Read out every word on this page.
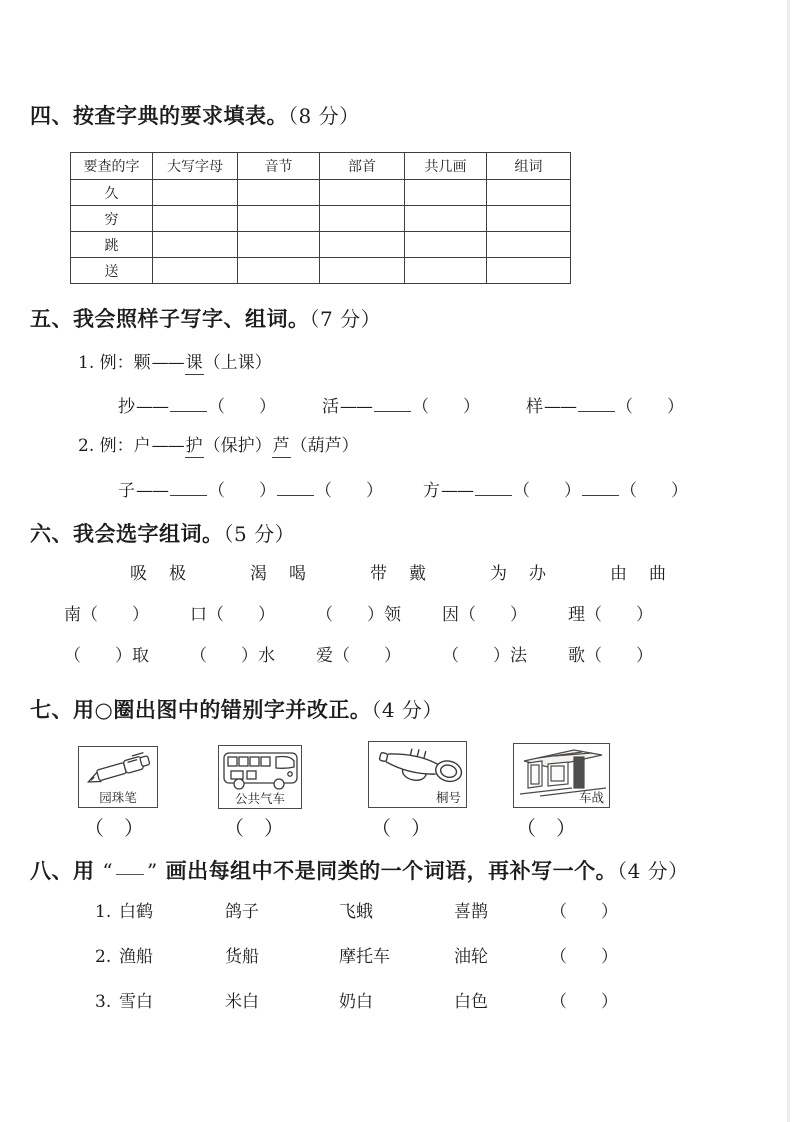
四、按查字典的要求填表。（8 分）
要查的字	大写字母	音节	部首	共几画	组词
久					
穷					
跳					
送					
五、我会照样子写字、组词。（7 分）
1. 例：颗 —— 课 （上课）
抄—— （　　）	活—— （　　）	样—— （　　）
2. 例：户 —— 护 （保护） 芦 （葫芦）
子—— （　　） （　　） 方—— （　　） （　　）
六、我会选字组词。（5 分）
吸 极	渴 喝	带 戴	为 办	由 曲
南（　　） 口（　　） （　　）领 因（　　） 理（　　）
（　　）取 （　　）水 爱（　　） （　　）法 歌（　　）
七、用○圈出图中的错别字并改正。（4 分）
园珠笔	公共气车	桐号	车战
（　）	（　）	（　）	（　）
八、用 “ ” 画出每组中不是同类的一个词语，再补写一个。（4 分）
1. 白鹤	鸽子	飞蛾	喜鹊	（　　）
2. 渔船	货船	摩托车	油轮	（　　）
3. 雪白	米白	奶白	白色	（　　）
